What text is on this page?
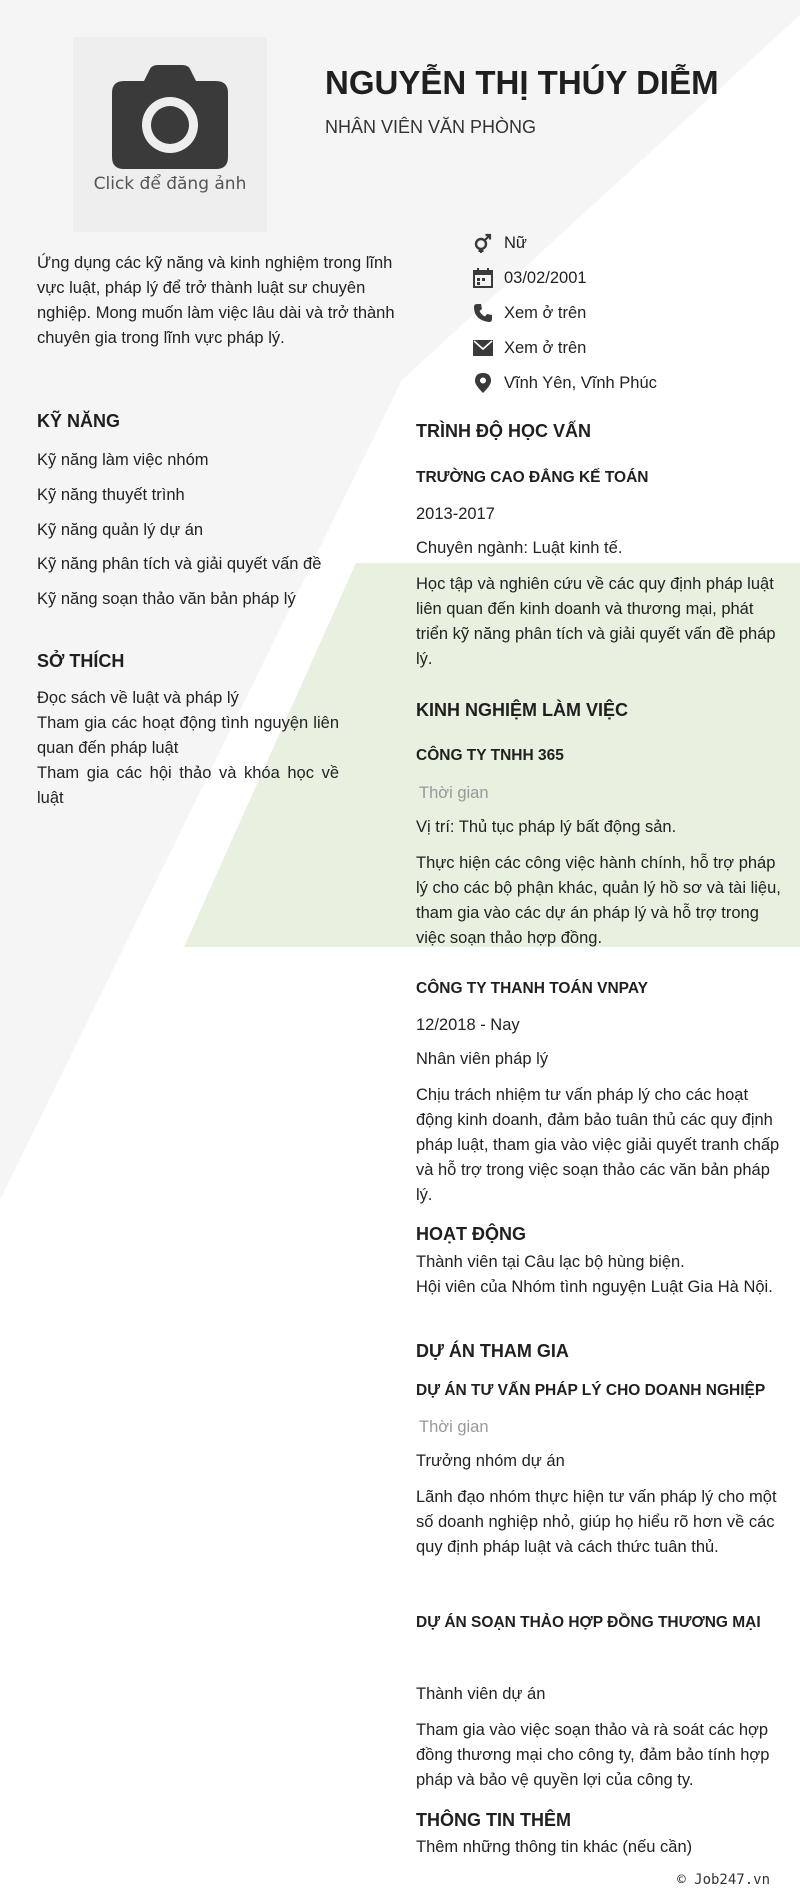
Click để đăng ảnh
NGUYỄN THỊ THÚY DIỄM
NHÂN VIÊN VĂN PHÒNG
Ứng dụng các kỹ năng và kinh nghiệm trong lĩnh vực luật, pháp lý để trở thành luật sư chuyên nghiệp. Mong muốn làm việc lâu dài và trở thành chuyên gia trong lĩnh vực pháp lý.
Nữ
03/02/2001
Xem ở trên
Xem ở trên
Vĩnh Yên, Vĩnh Phúc
KỸ NĂNG
Kỹ năng làm việc nhóm
Kỹ năng thuyết trình
Kỹ năng quản lý dự án
Kỹ năng phân tích và giải quyết vấn đề
Kỹ năng soạn thảo văn bản pháp lý
SỞ THÍCH
Đọc sách về luật và pháp lý
Tham gia các hoạt động tình nguyện liên quan đến pháp luật
Tham gia các hội thảo và khóa học về luật
TRÌNH ĐỘ HỌC VẤN
TRƯỜNG CAO ĐẲNG KẾ TOÁN
2013-2017
Chuyên ngành: Luật kinh tế.
Học tập và nghiên cứu về các quy định pháp luật liên quan đến kinh doanh và thương mại, phát triển kỹ năng phân tích và giải quyết vấn đề pháp lý.
KINH NGHIỆM LÀM VIỆC
CÔNG TY TNHH 365
Thời gian
Vị trí: Thủ tục pháp lý bất động sản.
Thực hiện các công việc hành chính, hỗ trợ pháp lý cho các bộ phận khác, quản lý hồ sơ và tài liệu, tham gia vào các dự án pháp lý và hỗ trợ trong việc soạn thảo hợp đồng.
CÔNG TY THANH TOÁN VNPAY
12/2018 - Nay
Nhân viên pháp lý
Chịu trách nhiệm tư vấn pháp lý cho các hoạt động kinh doanh, đảm bảo tuân thủ các quy định pháp luật, tham gia vào việc giải quyết tranh chấp và hỗ trợ trong việc soạn thảo các văn bản pháp lý.
HOẠT ĐỘNG
Thành viên tại Câu lạc bộ hùng biện.
Hội viên của Nhóm tình nguyện Luật Gia Hà Nội.
DỰ ÁN THAM GIA
DỰ ÁN TƯ VẤN PHÁP LÝ CHO DOANH NGHIỆP
Thời gian
Trưởng nhóm dự án
Lãnh đạo nhóm thực hiện tư vấn pháp lý cho một số doanh nghiệp nhỏ, giúp họ hiểu rõ hơn về các quy định pháp luật và cách thức tuân thủ.
DỰ ÁN SOẠN THẢO HỢP ĐỒNG THƯƠNG MẠI
Thành viên dự án
Tham gia vào việc soạn thảo và rà soát các hợp đồng thương mại cho công ty, đảm bảo tính hợp pháp và bảo vệ quyền lợi của công ty.
THÔNG TIN THÊM
Thêm những thông tin khác (nếu cần)
© Job247.vn
